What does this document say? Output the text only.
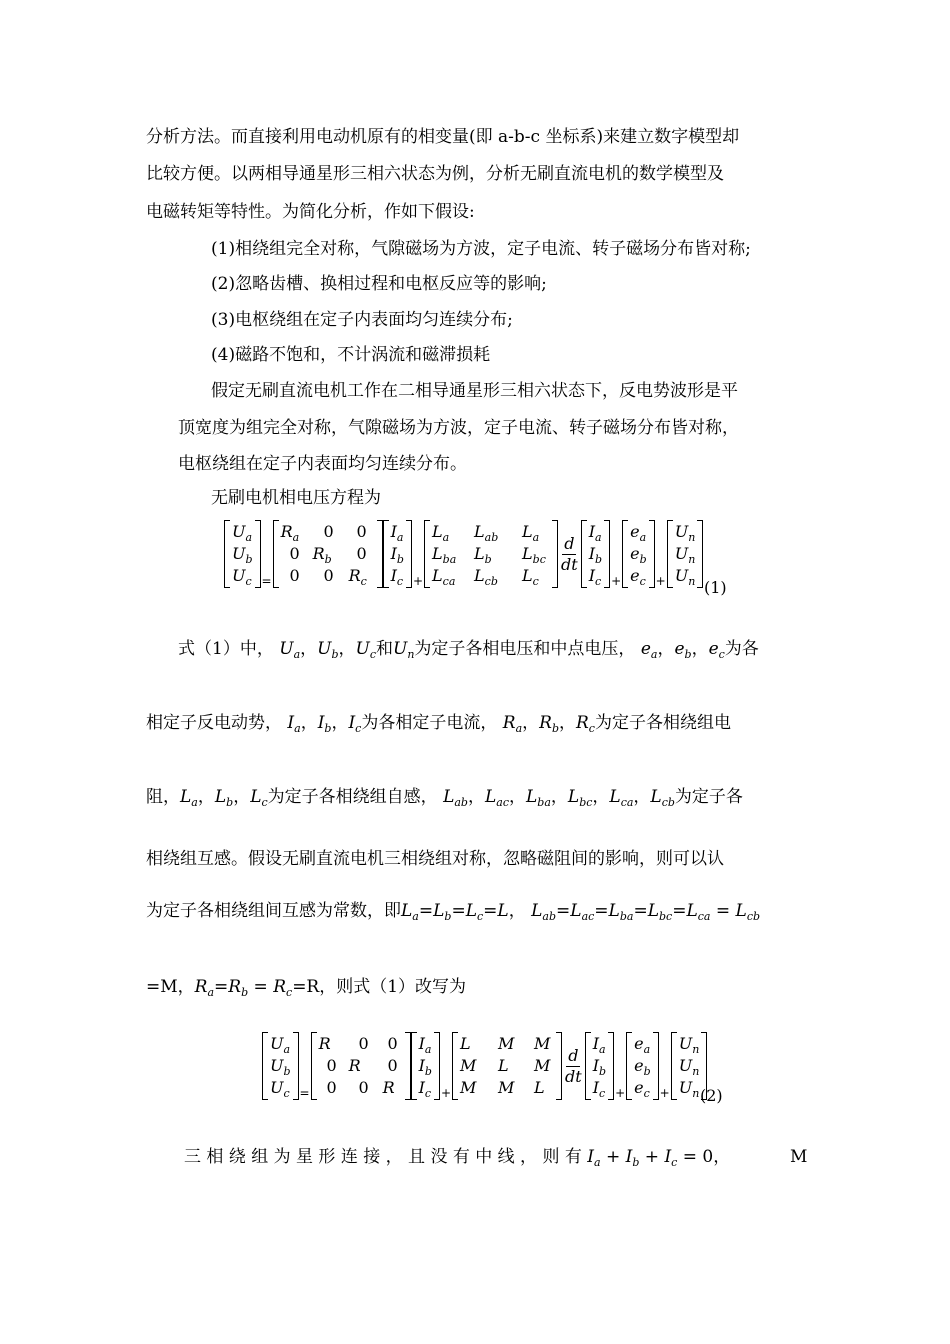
分析方法。而直接利用电动机原有的相变量(即 a-b-c 坐标系)来建立数字模型却
比较方便。以两相导通星形三相六状态为例，分析无刷直流电机的数学模型及
电磁转矩等特性。为简化分析，作如下假设:
(1)相绕组完全对称，气隙磁场为方波，定子电流、转子磁场分布皆对称;
(2)忽略齿槽、换相过程和电枢反应等的影响;
(3)电枢绕组在定子内表面均匀连续分布;
(4)磁路不饱和，不计涡流和磁滞损耗
假定无刷直流电机工作在二相导通星形三相六状态下，反电势波形是平
顶宽度为组完全对称，气隙磁场为方波，定子电流、转子磁场分布皆对称，
电枢绕组在定子内表面均匀连续分布。
无刷电机相电压方程为
$U_a$
$U_b$
$U_c$ =
$R_a$	0	0
0 $R_b$	0
0	0 $R_c$
$I_a$
$I_b$
$I_c$ +
$L_a$	$L_{ab}$	$L_a$
$L_{ba}$	$L_b$	$L_{bc}$
$L_{ca}$	$L_{cb}$	$L_c$
$\frac{d}{dt}$
$I_a$
$I_b$
$I_c$ +
$e_a$
$e_b$
$e_c$ +
$U_n$
$U_n$
$U_n$ (1)
式（1）中， $U_a$，$U_b$，$U_c$和$U_n$为定子各相电压和中点电压， $e_a$，$e_b$，$e_c$为各
相定子反电动势， $I_a$，$I_b$，$I_c$为各相定子电流， $R_a$，$R_b$，$R_c$为定子各相绕组电
阻，$L_a$，$L_b$，$L_c$为定子各相绕组自感， $L_{ab}$，$L_{ac}$，$L_{ba}$，$L_{bc}$，$L_{ca}$，$L_{cb}$为定子各
相绕组互感。假设无刷直流电机三相绕组对称，忽略磁阻间的影响，则可以认
为定子各相绕组间互感为常数，即$L_a=L_b=L_c=L$， $L_{ab}=L_{ac}=L_{ba}=L_{bc}=L_{ca} = L_{cb}$
=M，$R_a=R_b = R_c=R$，则式（1）改写为
$U_a$
$U_b$
$U_c$ =
R	0	0
0 R	0
0	0 R
$I_a$
$I_b$
$I_c$ +
L	M	M
M	L	M
M	M	L
$\frac{d}{dt}$
$I_a$
$I_b$
$I_c$ +
$e_a$
$e_b$
$e_c$ +
$U_n$
$U_n$
$U_n$ (2)
三 相 绕 组 为 星 形 连 接 ， 且 没 有 中 线 ， 则 有 $I_a + I_b + I_c = 0$，	M
